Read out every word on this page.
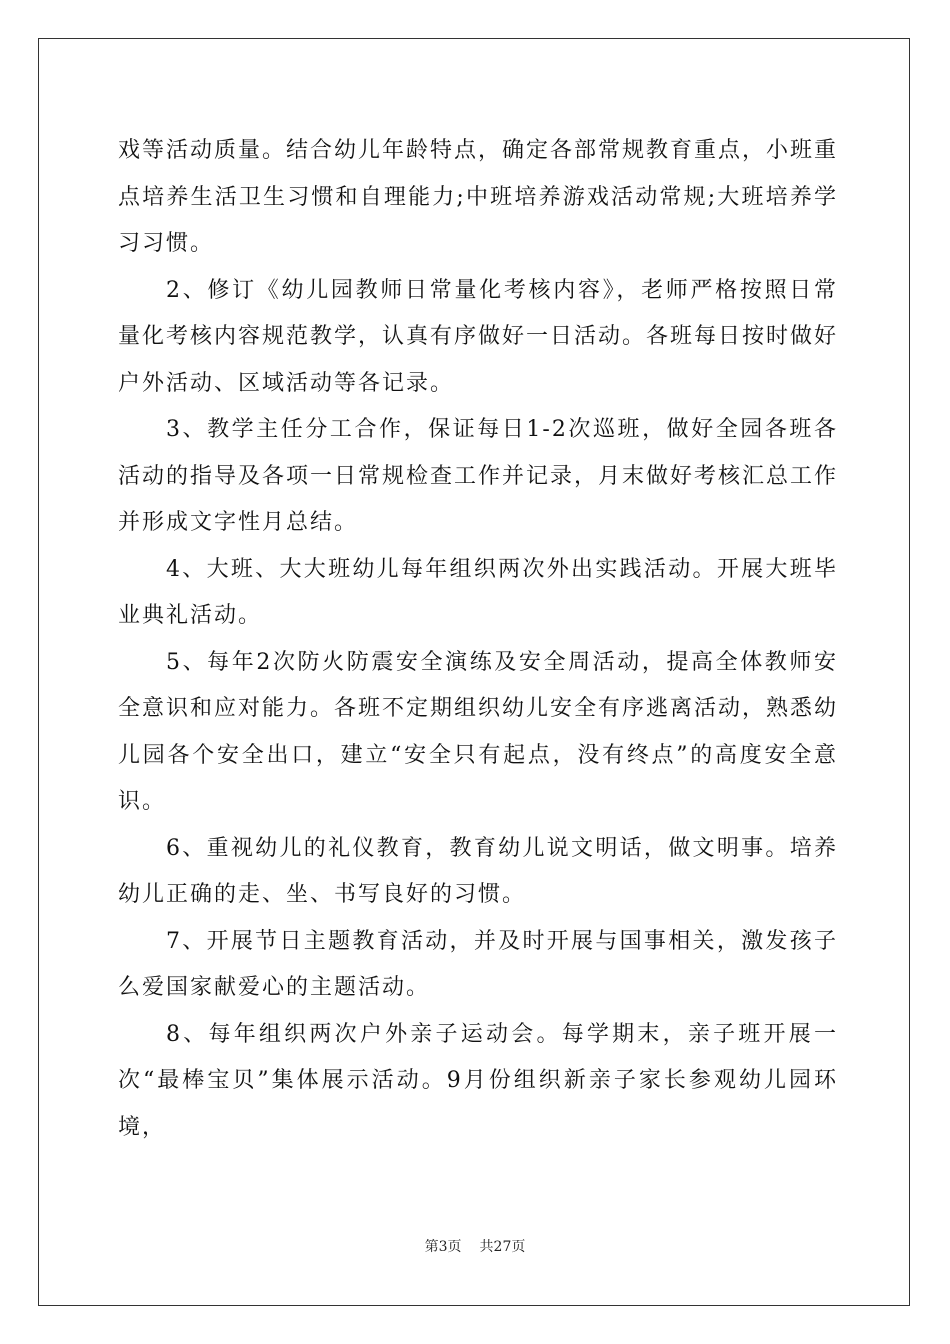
戏等活动质量。结合幼儿年龄特点，确定各部常规教育重点，小班重点培养生活卫生习惯和自理能力;中班培养游戏活动常规;大班培养学习习惯。

2、修订《幼儿园教师日常量化考核内容》，老师严格按照日常量化考核内容规范教学，认真有序做好一日活动。各班每日按时做好户外活动、区域活动等各记录。

3、教学主任分工合作，保证每日1-2次巡班，做好全园各班各活动的指导及各项一日常规检查工作并记录，月末做好考核汇总工作并形成文字性月总结。

4、大班、大大班幼儿每年组织两次外出实践活动。开展大班毕业典礼活动。

5、每年2次防火防震安全演练及安全周活动，提高全体教师安全意识和应对能力。各班不定期组织幼儿安全有序逃离活动，熟悉幼儿园各个安全出口，建立“安全只有起点，没有终点”的高度安全意识。

6、重视幼儿的礼仪教育，教育幼儿说文明话，做文明事。培养幼儿正确的走、坐、书写良好的习惯。

7、开展节日主题教育活动，并及时开展与国事相关，激发孩子么爱国家献爱心的主题活动。

8、每年组织两次户外亲子运动会。每学期末，亲子班开展一次“最棒宝贝”集体展示活动。9月份组织新亲子家长参观幼儿园环境，

第3页 共27页
